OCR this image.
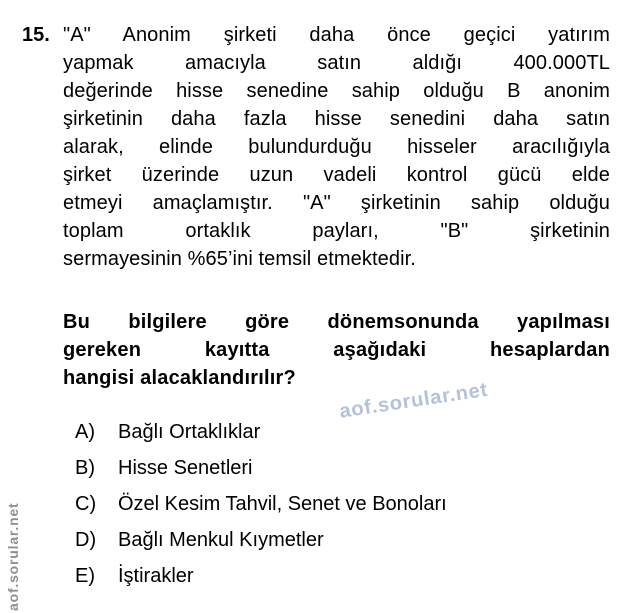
aof.sorular.net
aof.sorular.net
15. "A" Anonim şirketi daha önce geçici yatırım
yapmak amacıyla satın aldığı 400.000TL
değerinde hisse senedine sahip olduğu B anonim
şirketinin daha fazla hisse senedini daha satın
alarak, elinde bulundurduğu hisseler aracılığıyla
şirket üzerinde uzun vadeli kontrol gücü elde
etmeyi amaçlamıştır. "A" şirketinin sahip olduğu
toplam ortaklık payları, "B" şirketinin
sermayesinin %65’ini temsil etmektedir.
Bu bilgilere göre dönemsonunda yapılması
gereken kayıtta aşağıdaki hesaplardan
hangisi alacaklandırılır?
A)	Bağlı Ortaklıklar
B)	Hisse Senetleri
C)	Özel Kesim Tahvil, Senet ve Bonoları
D)	Bağlı Menkul Kıymetler
E)	İştirakler
